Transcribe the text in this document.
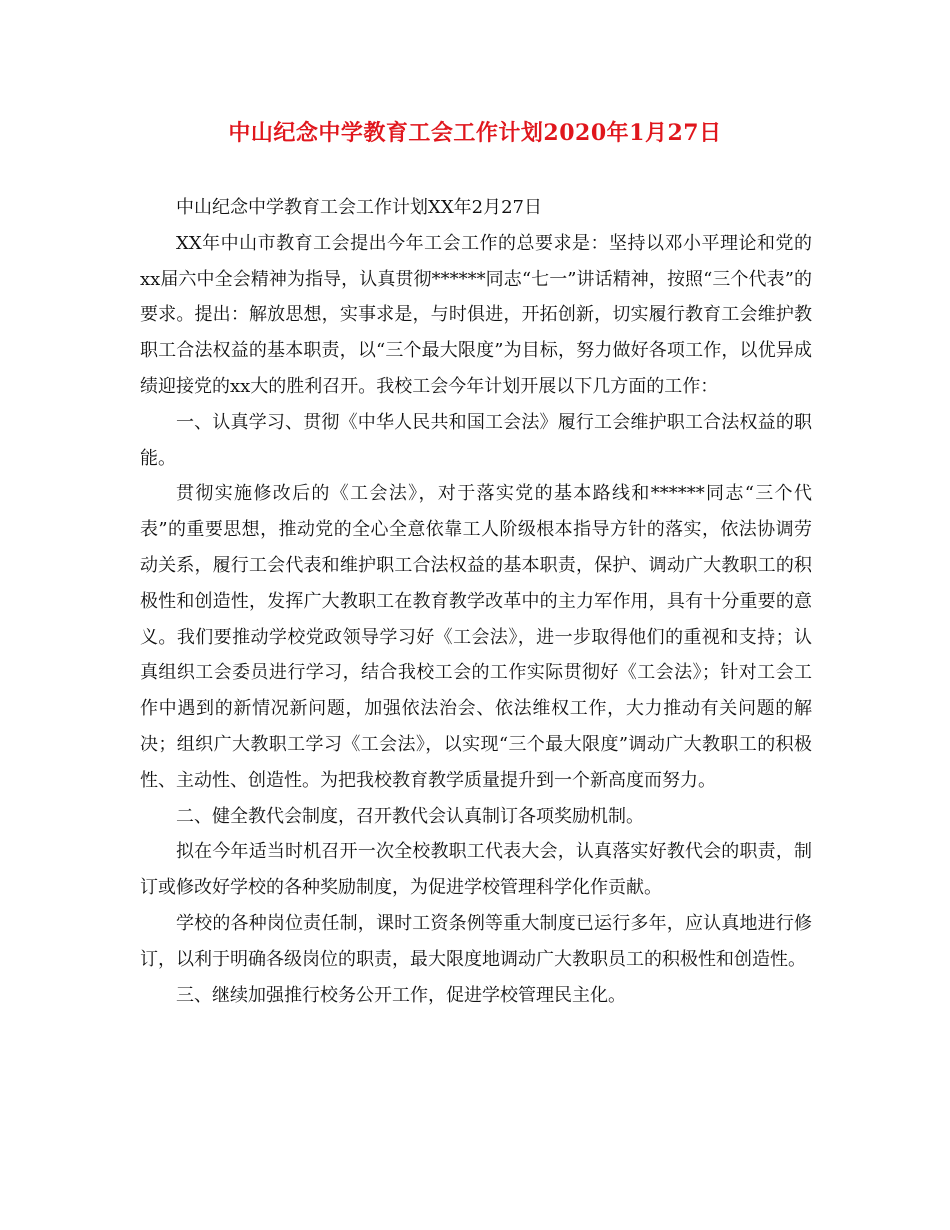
中山纪念中学教育工会工作计划2020年1月27日

中山纪念中学教育工会工作计划XX年2月27日

XX年中山市教育工会提出今年工会工作的总要求是：坚持以邓小平理论和党的xx届六中全会精神为指导，认真贯彻******同志“七一”讲话精神，按照“三个代表”的要求。提出：解放思想，实事求是，与时俱进，开拓创新，切实履行教育工会维护教职工合法权益的基本职责，以“三个最大限度”为目标，努力做好各项工作，以优异成绩迎接党的xx大的胜利召开。我校工会今年计划开展以下几方面的工作：

一、认真学习、贯彻《中华人民共和国工会法》履行工会维护职工合法权益的职能。

贯彻实施修改后的《工会法》，对于落实党的基本路线和******同志“三个代表”的重要思想，推动党的全心全意依靠工人阶级根本指导方针的落实，依法协调劳动关系，履行工会代表和维护职工合法权益的基本职责，保护、调动广大教职工的积极性和创造性，发挥广大教职工在教育教学改革中的主力军作用，具有十分重要的意义。我们要推动学校党政领导学习好《工会法》，进一步取得他们的重视和支持；认真组织工会委员进行学习，结合我校工会的工作实际贯彻好《工会法》；针对工会工作中遇到的新情况新问题，加强依法治会、依法维权工作，大力推动有关问题的解决；组织广大教职工学习《工会法》，以实现“三个最大限度”调动广大教职工的积极性、主动性、创造性。为把我校教育教学质量提升到一个新高度而努力。

二、健全教代会制度，召开教代会认真制订各项奖励机制。

拟在今年适当时机召开一次全校教职工代表大会，认真落实好教代会的职责，制订或修改好学校的各种奖励制度，为促进学校管理科学化作贡献。

学校的各种岗位责任制，课时工资条例等重大制度已运行多年，应认真地进行修订，以利于明确各级岗位的职责，最大限度地调动广大教职员工的积极性和创造性。

三、继续加强推行校务公开工作，促进学校管理民主化。
